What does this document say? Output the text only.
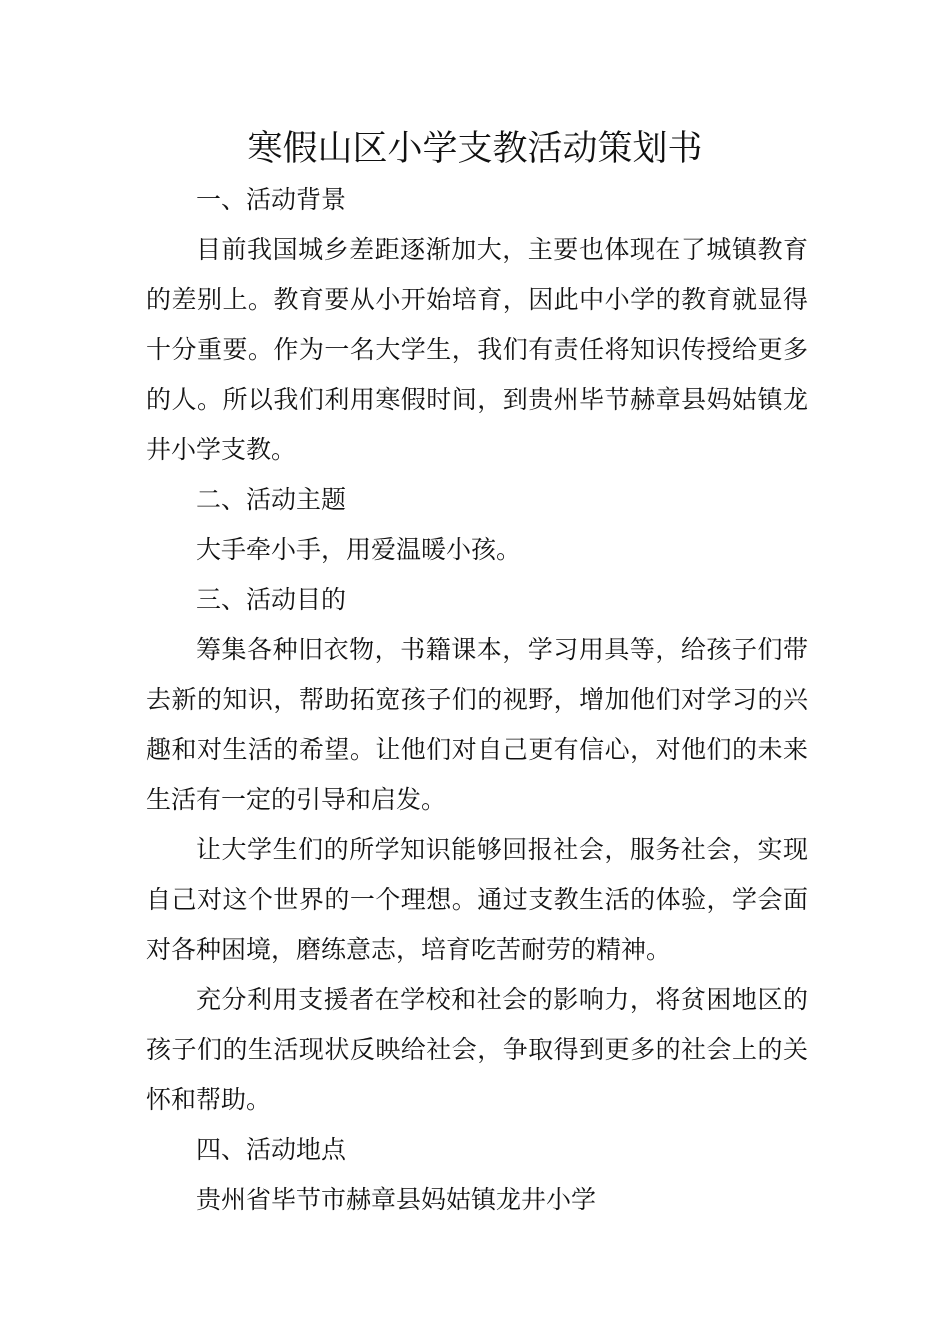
寒假山区小学支教活动策划书

一、活动背景

目前我国城乡差距逐渐加大，主要也体现在了城镇教育的差别上。教育要从小开始培育，因此中小学的教育就显得十分重要。作为一名大学生，我们有责任将知识传授给更多的人。所以我们利用寒假时间，到贵州毕节赫章县妈姑镇龙井小学支教。

二、活动主题

大手牵小手，用爱温暖小孩。

三、活动目的

筹集各种旧衣物，书籍课本，学习用具等，给孩子们带去新的知识，帮助拓宽孩子们的视野，增加他们对学习的兴趣和对生活的希望。让他们对自己更有信心，对他们的未来生活有一定的引导和启发。

让大学生们的所学知识能够回报社会，服务社会，实现自己对这个世界的一个理想。通过支教生活的体验，学会面对各种困境，磨练意志，培育吃苦耐劳的精神。

充分利用支援者在学校和社会的影响力，将贫困地区的孩子们的生活现状反映给社会，争取得到更多的社会上的关怀和帮助。

四、活动地点

贵州省毕节市赫章县妈姑镇龙井小学
